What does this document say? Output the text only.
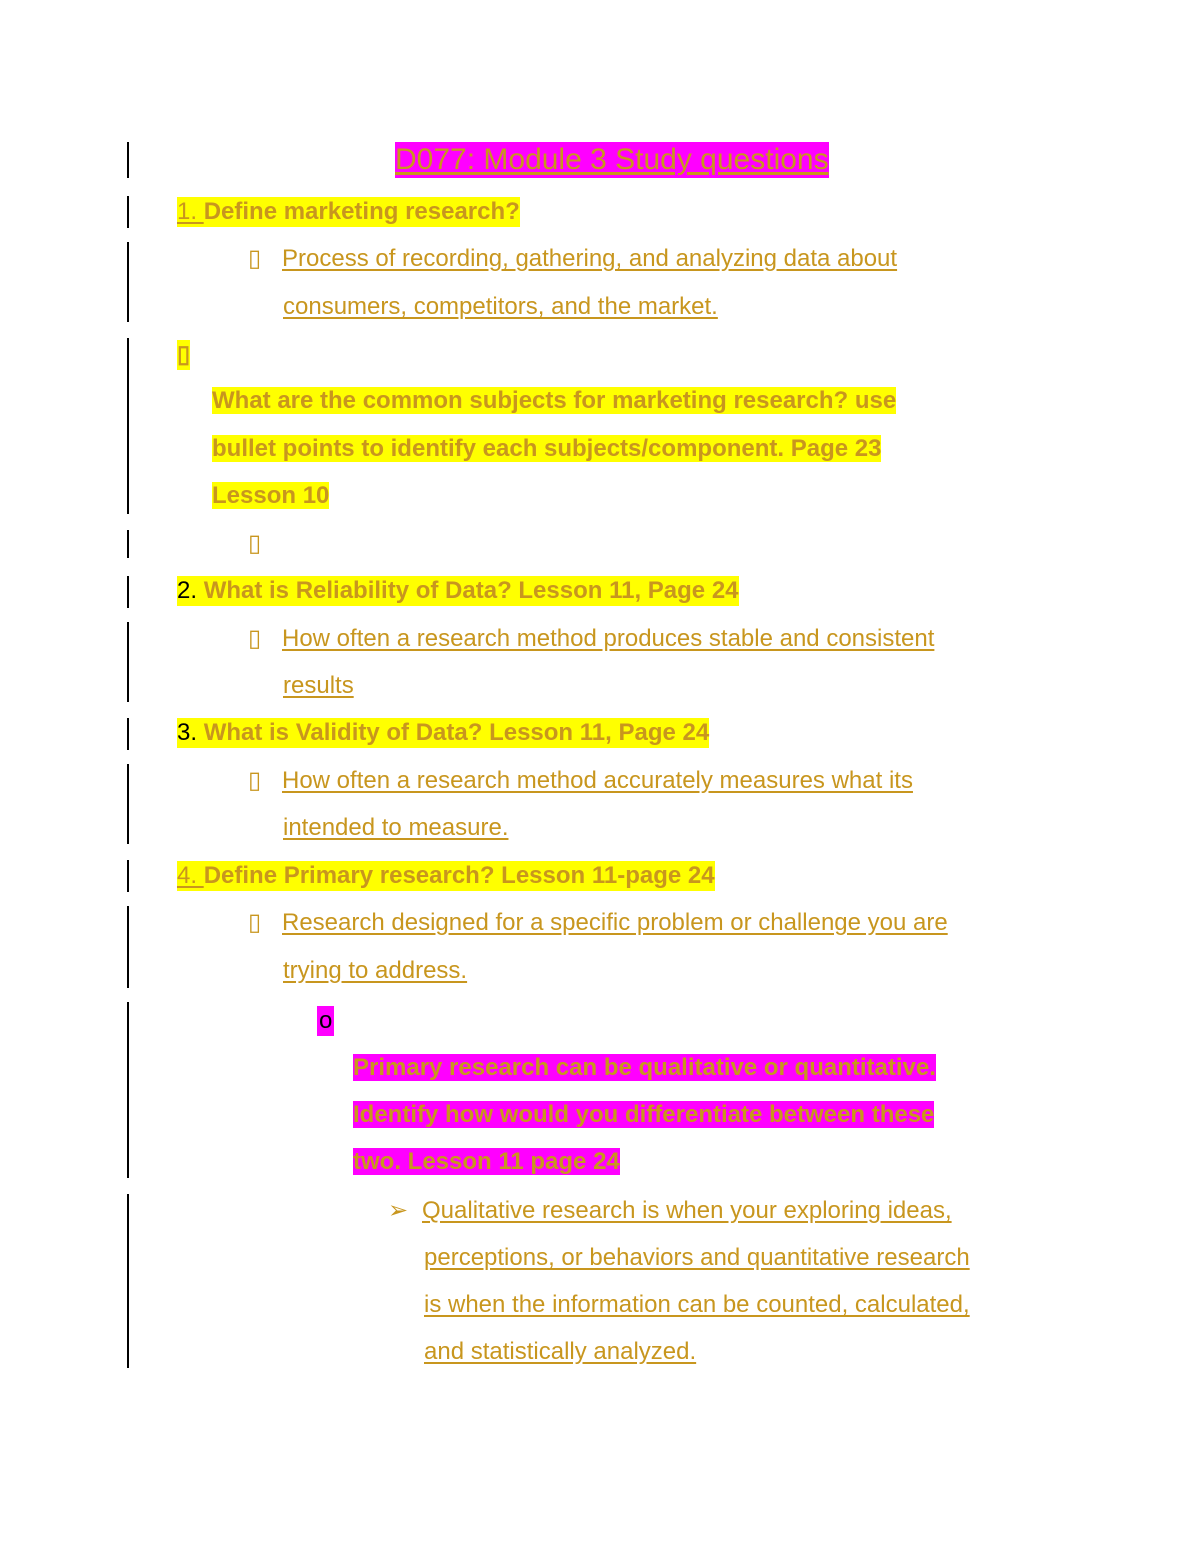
D077: Module 3 Study questions
1. Define marketing research?
▯ Process of recording, gathering, and analyzing data about
consumers, competitors, and the market.
▯
What are the common subjects for marketing research? use
bullet points to identify each subjects/component. Page 23
Lesson 10
▯
2. What is Reliability of Data? Lesson 11, Page 24
▯ How often a research method produces stable and consistent
results
3. What is Validity of Data? Lesson 11, Page 24
▯ How often a research method accurately measures what its
intended to measure.
4. Define Primary research? Lesson 11-page 24
▯ Research designed for a specific problem or challenge you are
trying to address.
o
Primary research can be qualitative or quantitative.
Identify how would you differentiate between these
two. Lesson 11 page 24
➢ Qualitative research is when your exploring ideas,
perceptions, or behaviors and quantitative research
is when the information can be counted, calculated,
and statistically analyzed.
